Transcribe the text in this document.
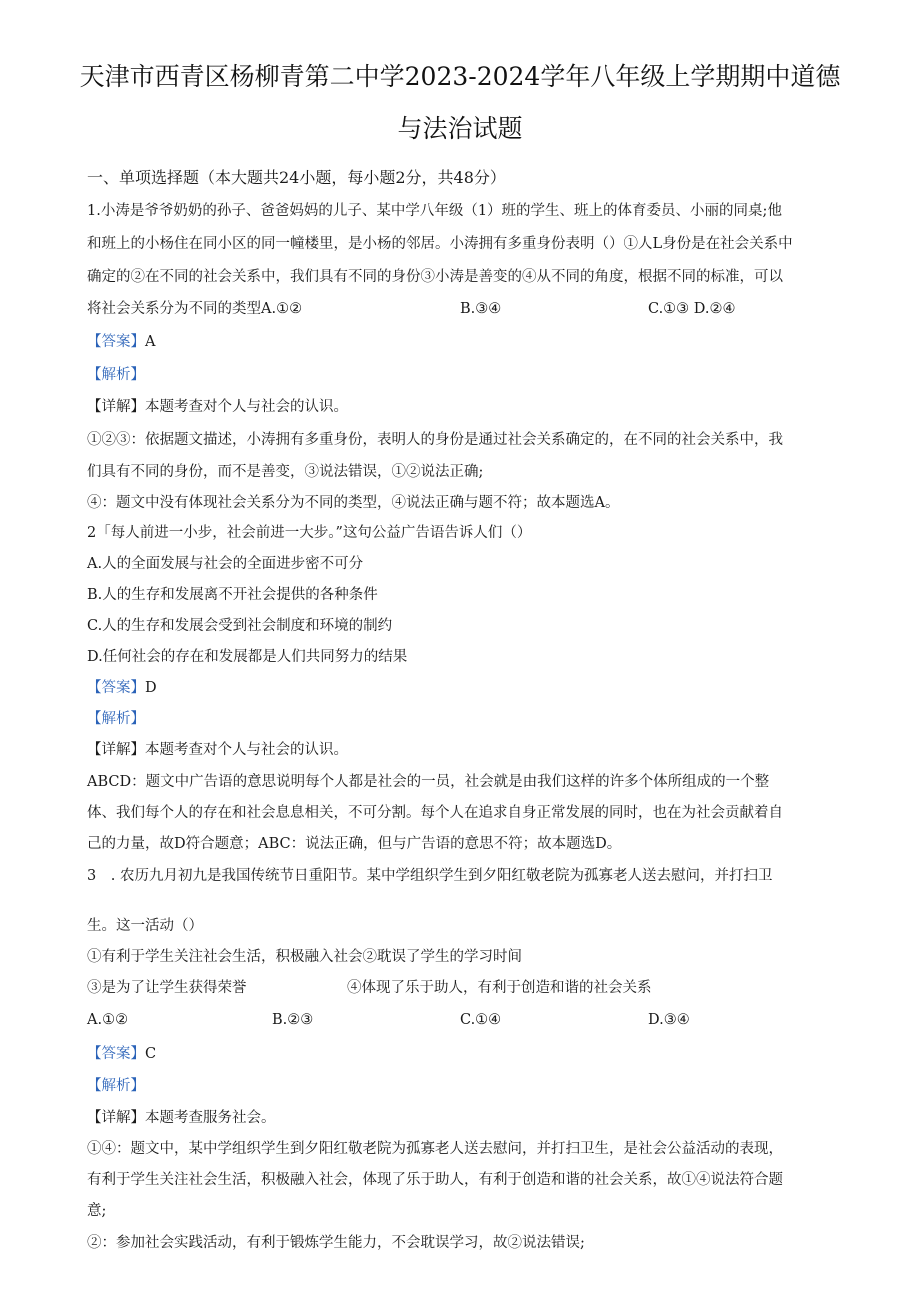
天津市西青区杨柳青第二中学2023-2024学年八年级上学期期中道德
与法治试题
一、单项选择题（本大题共24小题，每小题2分，共48分）
1.小涛是爷爷奶奶的孙子、爸爸妈妈的儿子、某中学八年级（1）班的学生、班上的体育委员、小丽的同桌;他
和班上的小杨住在同小区的同一幢楼里，是小杨的邻居。小涛拥有多重身份表明（）①人L身份是在社会关系中
确定的②在不同的社会关系中，我们具有不同的身份③小涛是善变的④从不同的角度，根据不同的标准，可以
将社会关系分为不同的类型A.①②	B.③④	C.①③ D.②④
【答案】A
【解析】
【详解】本题考查对个人与社会的认识。
①②③：依据题文描述，小涛拥有多重身份，表明人的身份是通过社会关系确定的，在不同的社会关系中，我
们具有不同的身份，而不是善变，③说法错误，①②说法正确;
④：题文中没有体现社会关系分为不同的类型，④说法正确与题不符；故本题选A。
2「每人前进一小步，社会前进一大步。”这句公益广告语告诉人们（）
A.人的全面发展与社会的全面进步密不可分
B.人的生存和发展离不开社会提供的各种条件
C.人的生存和发展会受到社会制度和环境的制约
D.任何社会的存在和发展都是人们共同努力的结果
【答案】D
【解析】
【详解】本题考查对个人与社会的认识。
ABCD：题文中广告语的意思说明每个人都是社会的一员，社会就是由我们这样的许多个体所组成的一个整
体、我们每个人的存在和社会息息相关，不可分割。每个人在追求自身正常发展的同时，也在为社会贡献着自
己的力量，故D符合题意；ABC：说法正确，但与广告语的意思不符；故本题选D。
3　. 农历九月初九是我国传统节日重阳节。某中学组织学生到夕阳红敬老院为孤寡老人送去慰问，并打扫卫
生。这一活动（）
①有利于学生关注社会生活，积极融入社会②耽误了学生的学习时间
③是为了让学生获得荣誉	④体现了乐于助人，有利于创造和谐的社会关系
A.①②	B.②③	C.①④	D.③④
【答案】C
【解析】
【详解】本题考查服务社会。
①④：题文中，某中学组织学生到夕阳红敬老院为孤寡老人送去慰问，并打扫卫生，是社会公益活动的表现，
有利于学生关注社会生活，积极融入社会，体现了乐于助人，有利于创造和谐的社会关系，故①④说法符合题
意;
②：参加社会实践活动，有利于锻炼学生能力，不会耽误学习，故②说法错误;
